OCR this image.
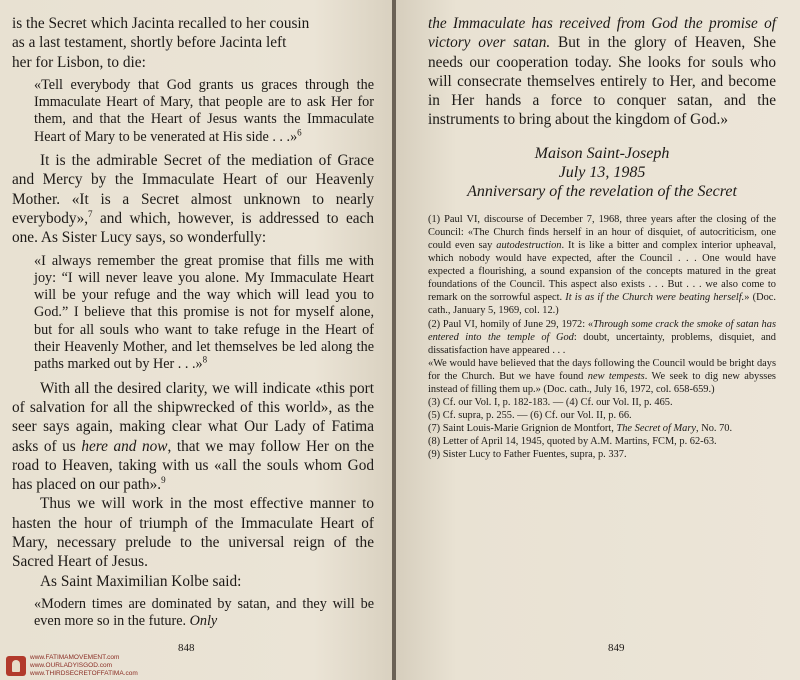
is the Secret which Jacinta recalled to her cousin
as a last testament, shortly before Jacinta left
her for Lisbon, to die:

«Tell everybody that God grants us graces through the Immaculate Heart of Mary, that people are to ask Her for them, and that the Heart of Jesus wants the Immaculate Heart of Mary to be venerated at His side . . .»$^6$

It is the admirable Secret of the mediation of Grace and Mercy by the Immaculate Heart of our Heavenly Mother. «It is a Secret almost unknown to nearly everybody»,$^7$ and which, however, is addressed to each one. As Sister Lucy says, so wonderfully:

«I always remember the great promise that fills me with joy: “I will never leave you alone. My Immaculate Heart will be your refuge and the way which will lead you to God.” I believe that this promise is not for myself alone, but for all souls who want to take refuge in the Heart of their Heavenly Mother, and let themselves be led along the paths marked out by Her . . .»$^8$

With all the desired clarity, we will indicate «this port of salvation for all the shipwrecked of this world», as the seer says again, making clear what Our Lady of Fatima asks of us here and now, that we may follow Her on the road to Heaven, taking with us «all the souls whom God has placed on our path».$^9$

Thus we will work in the most effective manner to hasten the hour of triumph of the Immaculate Heart of Mary, necessary prelude to the universal reign of the Sacred Heart of Jesus.

As Saint Maximilian Kolbe said:

«Modern times are dominated by satan, and they will be even more so in the future. Only

848
www.FATIMAMOVEMENT.com
www.OURLADYISGOD.com
www.THIRDSECRETOFFATIMA.com

the Immaculate has received from God the promise of victory over satan. But in the glory of Heaven, She needs our cooperation today. She looks for souls who will consecrate themselves entirely to Her, and become in Her hands a force to conquer satan, and the instruments to bring about the kingdom of God.»

Maison Saint-Joseph

July 13, 1985

Anniversary of the revelation of the Secret

(1) Paul VI, discourse of December 7, 1968, three years after the closing of the Council: «The Church finds herself in an hour of disquiet, of autocriticism, one could even say autodestruction. It is like a bitter and complex interior upheaval, which nobody would have expected, after the Council . . . One would have expected a flourishing, a sound expansion of the concepts matured in the great foundations of the Council. This aspect also exists . . . But . . . we also come to remark on the sorrowful aspect. It is as if the Church were beating herself.» (Doc. cath., January 5, 1969, col. 12.)

(2) Paul VI, homily of June 29, 1972: «Through some crack the smoke of satan has entered into the temple of God: doubt, uncertainty, problems, disquiet, and dissatisfaction have appeared . . .

«We would have believed that the days following the Council would be bright days for the Church. But we have found new tempests. We seek to dig new abysses instead of filling them up.» (Doc. cath., July 16, 1972, col. 658-659.)

(3) Cf. our Vol. I, p. 182-183. — (4) Cf. our Vol. II, p. 465.

(5) Cf. supra, p. 255. — (6) Cf. our Vol. II, p. 66.

(7) Saint Louis-Marie Grignion de Montfort, The Secret of Mary, No. 70.

(8) Letter of April 14, 1945, quoted by A.M. Martins, FCM, p. 62-63.

(9) Sister Lucy to Father Fuentes, supra, p. 337.

849
